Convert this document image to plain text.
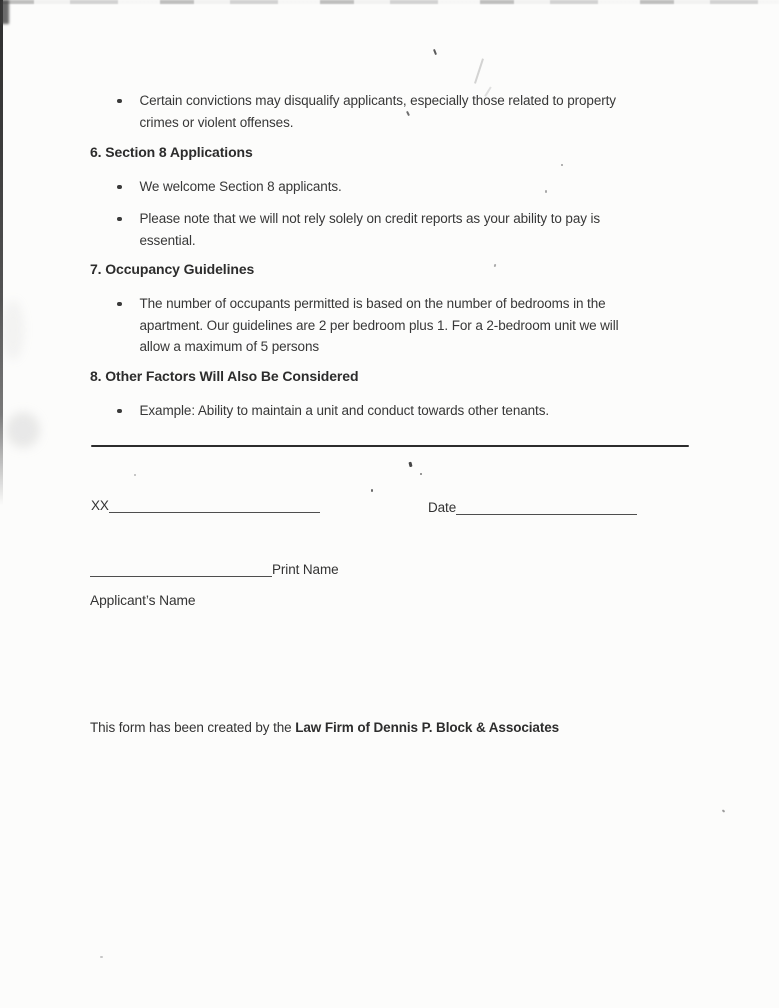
Certain convictions may disqualify applicants, especially those related to property
crimes or violent offenses.
6. Section 8 Applications
We welcome Section 8 applicants.
Please note that we will not rely solely on credit reports as your ability to pay is
essential.
7. Occupancy Guidelines
The number of occupants permitted is based on the number of bedrooms in the
apartment. Our guidelines are 2 per bedroom plus 1. For a 2-bedroom unit we will
allow a maximum of 5 persons
8. Other Factors Will Also Be Considered
Example: Ability to maintain a unit and conduct towards other tenants.
XX	Date
Print Name
Applicant’s Name
This form has been created by the Law Firm of Dennis P. Block & Associates
